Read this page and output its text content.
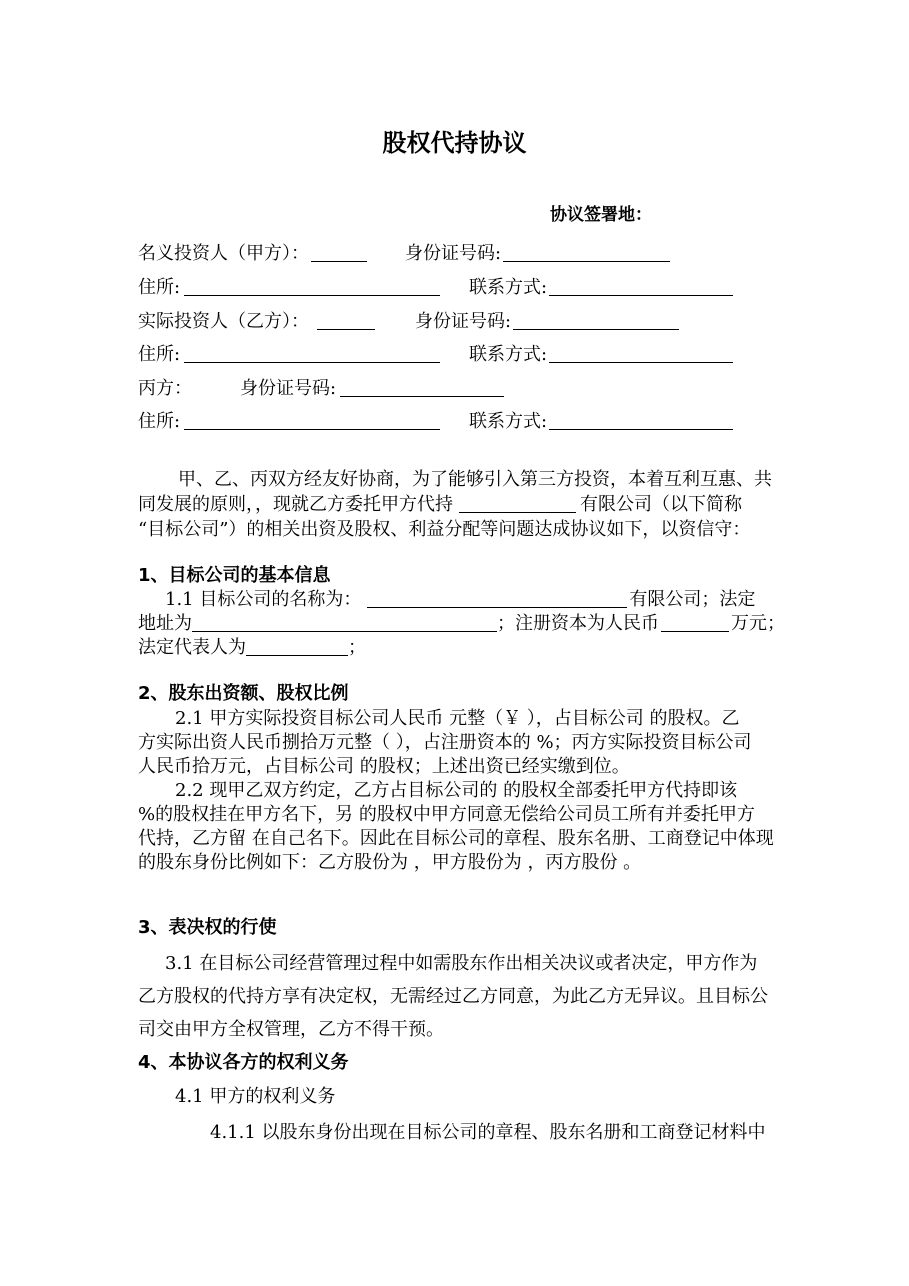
股权代持协议
协议签署地：
名义投资人（甲方）：	身份证号码:
住所:	联系方式:
实际投资人（乙方）：	身份证号码:
住所:	联系方式:
丙方：	身份证号码:
住所:	联系方式:
甲、乙、丙双方经友好协商，为了能够引入第三方投资，本着互利互惠、共
同发展的原则，，现就乙方委托甲方代持	有限公司（以下简称
“目标公司”）的相关出资及股权、利益分配等问题达成协议如下，以资信守：
1、目标公司的基本信息
1.1 目标公司的名称为：	有限公司；法定
地址为	；注册资本为人民币	万元；
法定代表人为	；
2、股东出资额、股权比例
2.1 甲方实际投资目标公司人民币 元整（￥ ），占目标公司 的股权。乙
方实际出资人民币捌拾万元整（ ），占注册资本的 %；丙方实际投资目标公司
人民币拾万元，占目标公司 的股权；上述出资已经实缴到位。
2.2 现甲乙双方约定，乙方占目标公司的 的股权全部委托甲方代持即该
%的股权挂在甲方名下，另 的股权中甲方同意无偿给公司员工所有并委托甲方
代持，乙方留 在自己名下。因此在目标公司的章程、股东名册、工商登记中体现
的股东身份比例如下：乙方股份为 ，甲方股份为 ，丙方股份 。
3、表决权的行使
3.1 在目标公司经营管理过程中如需股东作出相关决议或者决定，甲方作为
乙方股权的代持方享有决定权，无需经过乙方同意，为此乙方无异议。且目标公
司交由甲方全权管理，乙方不得干预。
4、本协议各方的权利义务
4.1 甲方的权利义务
4.1.1 以股东身份出现在目标公司的章程、股东名册和工商登记材料中
